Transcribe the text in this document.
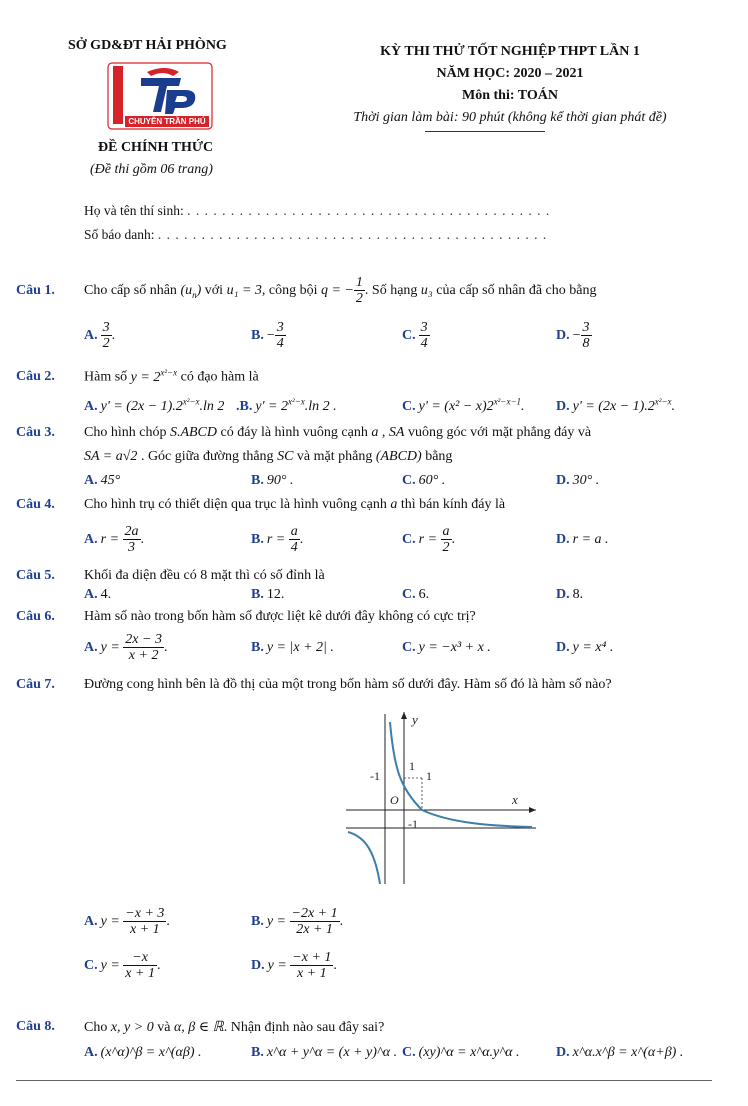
SỞ GD&ĐT HẢI PHÒNG
CHUYÊN TRẦN PHÚ
ĐỀ CHÍNH THỨC
(Đề thi gồm 06 trang)
KỲ THI THỬ TỐT NGHIỆP THPT LẦN 1
NĂM HỌC: 2020 – 2021
Môn thi: TOÁN
Thời gian làm bài: 90 phút (không kể thời gian phát đề)
Họ và tên thí sinh: . . . . . . . . . . . . . . . . . . . . . . . . . . . . . . . . . . . . . . . . . .
Số báo danh: . . . . . . . . . . . . . . . . . . . . . . . . . . . . . . . . . . . . . . . . . . . . .
Câu 1. Cho cấp số nhân $(u_n)$ với u₁ = 3, công bội q = − $\frac{1}{2}$ . Số hạng u₃ của cấp số nhân đã cho bằng
A. $\frac{3}{2}$ .	B. − $\frac{3}{4}$	C. $\frac{3}{4}$	D. − $\frac{3}{8}$
Câu 2. Hàm số $y = 2^{x^2-x}$ có đạo hàm là
A. $y' = (2x - 1).2^{x^2-x}.\ln$ 2 .B. $y' = 2^{x^2-x}.\ln$ 2 .	C. $y' = (x^2 - x)2^{x^2-x-1}$. D. $y' = (2x - 1).2^{x^2-x}$.
Câu 3. Cho hình chóp S.ABCD có đáy là hình vuông cạnh a , SA vuông góc với mặt phẳng đáy và
SA = a√2 . Góc giữa đường thẳng SC và mặt phẳng (ABCD) bằng
A. 45°	B. 90° .	C. 60° .	D. 30° .
Câu 4. Cho hình trụ có thiết diện qua trục là hình vuông cạnh a thì bán kính đáy là
A. $r = \frac{2a}{3}$ .	B. $r = \frac{a}{4}$ .	C. $r = \frac{a}{2}$ .	D. r = a .
Câu 5. Khối đa diện đều có 8 mặt thì có số đỉnh là
A. 4.	B. 12.	C. 6.	D. 8.
Câu 6. Hàm số nào trong bốn hàm số được liệt kê dưới đây không có cực trị?
A. $y = \frac{2x - 3}{x + 2}$ .	B. y = |x + 2| .	C. y = −x³ + x .	D. y = x⁴ .
Câu 7. Đường cong hình bên là đồ thị của một trong bốn hàm số dưới đây. Hàm số đó là hàm số nào?
y
x
O
1
-1	1
-1
A. $y = \frac{-x + 3}{x + 1}$ .	B. $y = \frac{-2x + 1}{2x + 1}$ .
C. $y = \frac{-x}{x + 1}$ .	D. $y = \frac{-x + 1}{x + 1}$ .
Câu 8. Cho x, y > 0 và α, β ∈ ℝ. Nhận định nào sau đây sai?
A. (x^α)^β = x^(αβ) .	B. x^α + y^α = (x + y)^α . C. (xy)^α = x^α.y^α .	D. x^α.x^β = x^(α+β) .
